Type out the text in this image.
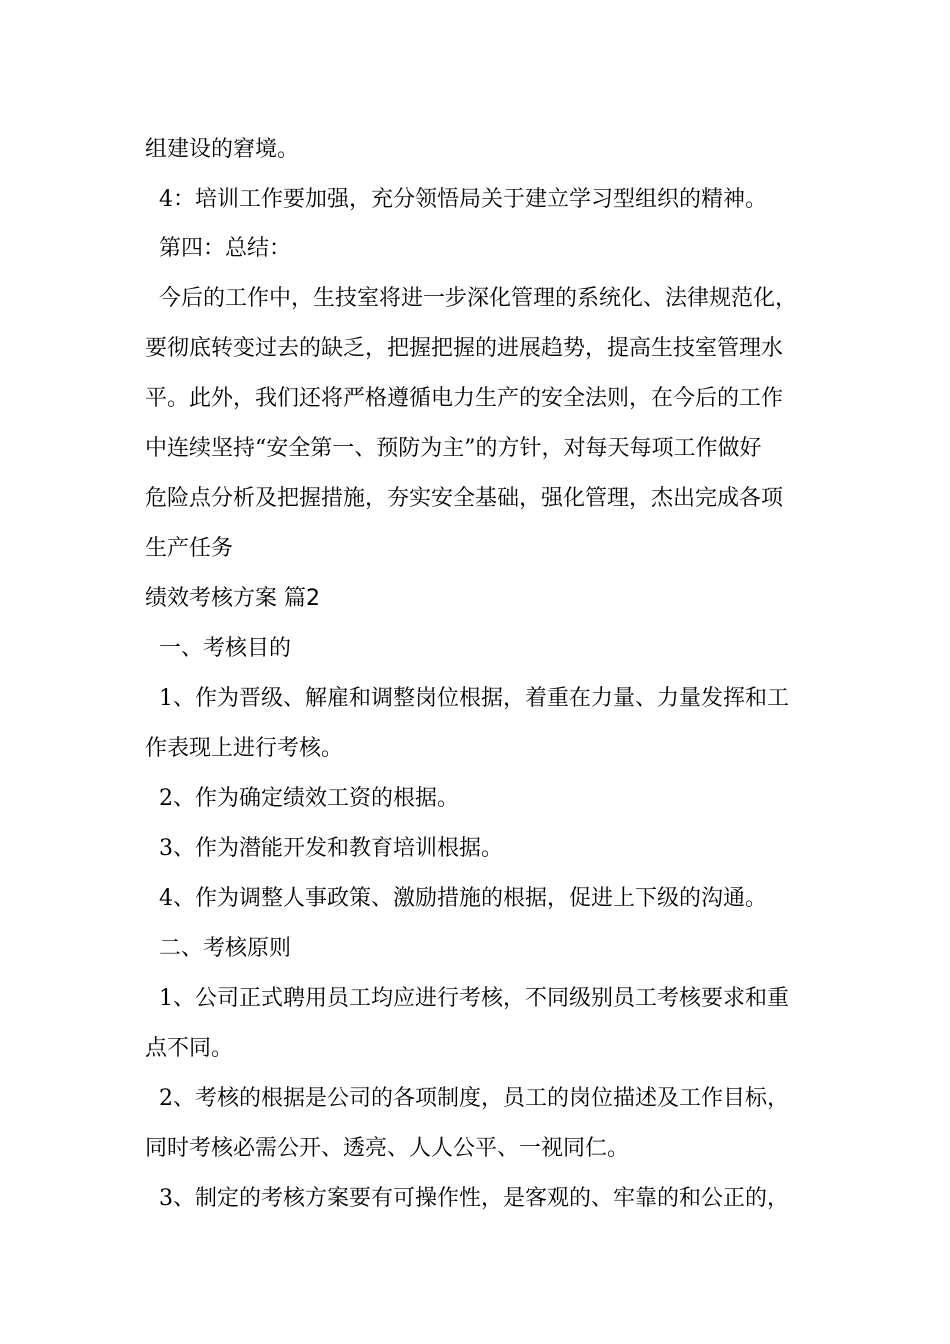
组建设的窘境。
4：培训工作要加强，充分领悟局关于建立学习型组织的精神。
第四：总结：
今后的工作中，生技室将进一步深化管理的系统化、法律规范化，
要彻底转变过去的缺乏，把握把握的进展趋势，提高生技室管理水
平。此外，我们还将严格遵循电力生产的安全法则，在今后的工作
中连续坚持“安全第一、预防为主”的方针，对每天每项工作做好
危险点分析及把握措施，夯实安全基础，强化管理，杰出完成各项
生产任务
绩效考核方案 篇2
一、考核目的
1、作为晋级、解雇和调整岗位根据，着重在力量、力量发挥和工
作表现上进行考核。
2、作为确定绩效工资的根据。
3、作为潜能开发和教育培训根据。
4、作为调整人事政策、激励措施的根据，促进上下级的沟通。
二、考核原则
1、公司正式聘用员工均应进行考核，不同级别员工考核要求和重
点不同。
2、考核的根据是公司的各项制度，员工的岗位描述及工作目标，
同时考核必需公开、透亮、人人公平、一视同仁。
3、制定的考核方案要有可操作性，是客观的、牢靠的和公正的，
